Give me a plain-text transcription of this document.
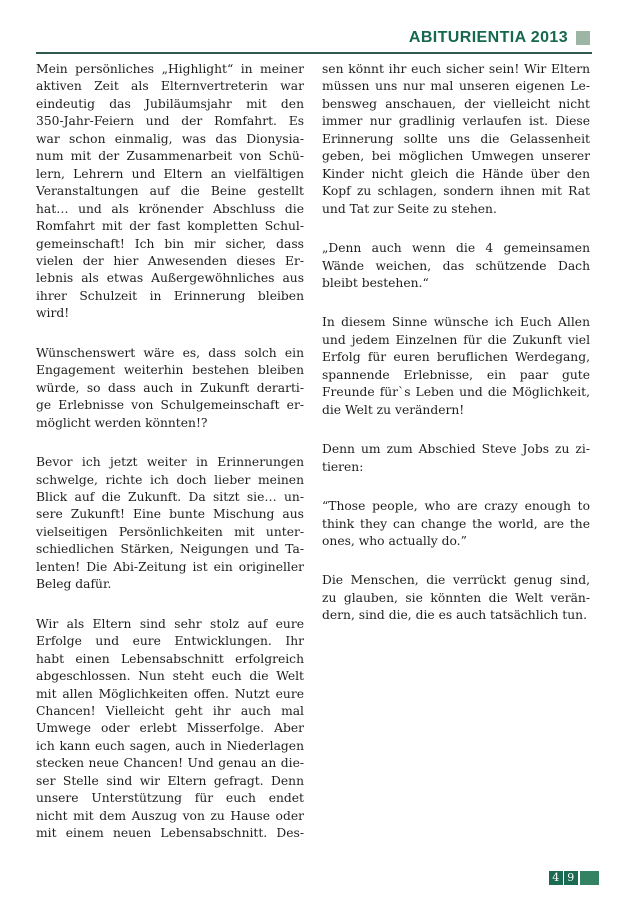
ABITURIENTIA 2013
Mein persönliches „Highlight“ in meiner
aktiven Zeit als Elternvertreterin war
eindeutig das Jubiläumsjahr mit den
350-Jahr-Feiern und der Romfahrt. Es
war schon einmalig, was das Dionysia-
num mit der Zusammenarbeit von Schü-
lern, Lehrern und Eltern an vielfältigen
Veranstaltungen auf die Beine gestellt
hat… und als krönender Abschluss die
Romfahrt mit der fast kompletten Schul-
gemeinschaft! Ich bin mir sicher, dass
vielen der hier Anwesenden dieses Er-
lebnis als etwas Außergewöhnliches aus
ihrer Schulzeit in Erinnerung bleiben
wird!
Wünschenswert wäre es, dass solch ein
Engagement weiterhin bestehen bleiben
würde, so dass auch in Zukunft derarti-
ge Erlebnisse von Schulgemeinschaft er-
möglicht werden könnten!?
Bevor ich jetzt weiter in Erinnerungen
schwelge, richte ich doch lieber meinen
Blick auf die Zukunft. Da sitzt sie… un-
sere Zukunft! Eine bunte Mischung aus
vielseitigen Persönlichkeiten mit unter-
schiedlichen Stärken, Neigungen und Ta-
lenten! Die Abi-Zeitung ist ein origineller
Beleg dafür.
Wir als Eltern sind sehr stolz auf eure
Erfolge und eure Entwicklungen. Ihr
habt einen Lebensabschnitt erfolgreich
abgeschlossen. Nun steht euch die Welt
mit allen Möglichkeiten offen. Nutzt eure
Chancen! Vielleicht geht ihr auch mal
Umwege oder erlebt Misserfolge. Aber
ich kann euch sagen, auch in Niederlagen
stecken neue Chancen! Und genau an die-
ser Stelle sind wir Eltern gefragt. Denn
unsere Unterstützung für euch endet
nicht mit dem Auszug von zu Hause oder
mit einem neuen Lebensabschnitt. Des-
sen könnt ihr euch sicher sein! Wir Eltern
müssen uns nur mal unseren eigenen Le-
bensweg anschauen, der vielleicht nicht
immer nur gradlinig verlaufen ist. Diese
Erinnerung sollte uns die Gelassenheit
geben, bei möglichen Umwegen unserer
Kinder nicht gleich die Hände über den
Kopf zu schlagen, sondern ihnen mit Rat
und Tat zur Seite zu stehen.
„Denn auch wenn die 4 gemeinsamen
Wände weichen, das schützende Dach
bleibt bestehen.“
In diesem Sinne wünsche ich Euch Allen
und jedem Einzelnen für die Zukunft viel
Erfolg für euren beruflichen Werdegang,
spannende Erlebnisse, ein paar gute
Freunde für`s Leben und die Möglichkeit,
die Welt zu verändern!
Denn um zum Abschied Steve Jobs zu zi-
tieren:
“Those people, who are crazy enough to
think they can change the world, are the
ones, who actually do.”
Die Menschen, die verrückt genug sind,
zu glauben, sie könnten die Welt verän-
dern, sind die, die es auch tatsächlich tun.
4 9
